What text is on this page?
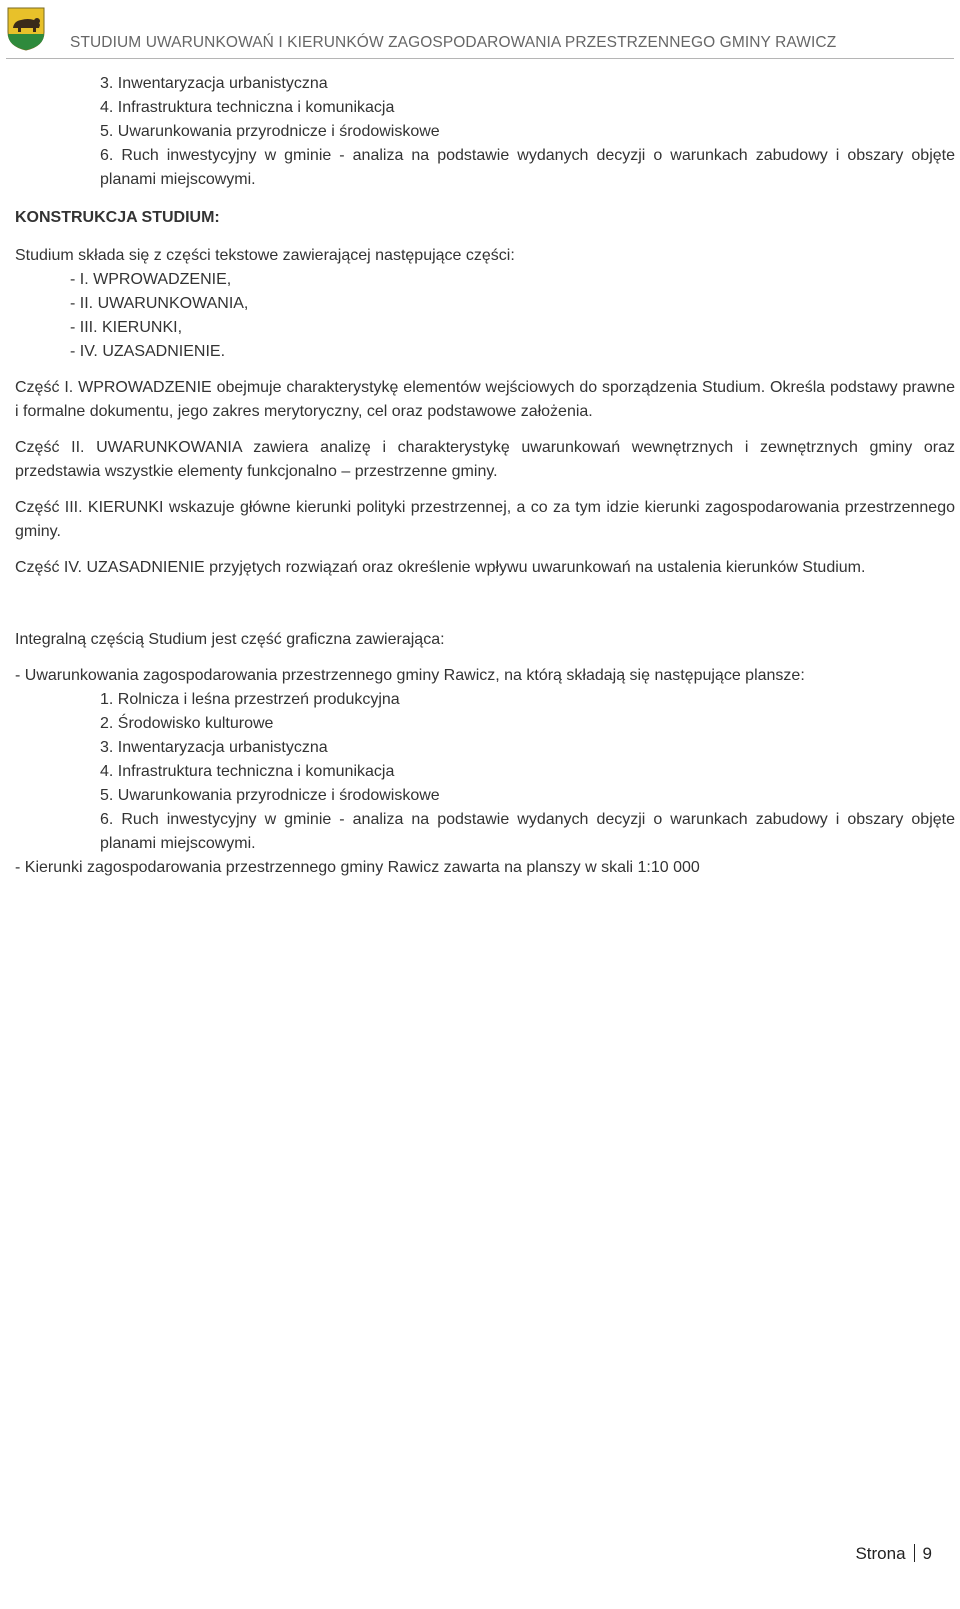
STUDIUM UWARUNKOWAŃ I KIERUNKÓW ZAGOSPODAROWANIA PRZESTRZENNEGO GMINY RAWICZ
3. Inwentaryzacja urbanistyczna
4. Infrastruktura techniczna i komunikacja
5. Uwarunkowania przyrodnicze i środowiskowe
6. Ruch inwestycyjny w gminie - analiza na podstawie wydanych decyzji o warunkach zabudowy i obszary objęte planami miejscowymi.
KONSTRUKCJA STUDIUM:

Studium składa się z części tekstowe zawierającej następujące części:

- I. WPROWADZENIE,
- II. UWARUNKOWANIA,
- III. KIERUNKI,
- IV. UZASADNIENIE.

Część I. WPROWADZENIE obejmuje charakterystykę elementów wejściowych do sporządzenia Studium. Określa podstawy prawne i formalne dokumentu, jego zakres merytoryczny, cel oraz podstawowe założenia.

Część II. UWARUNKOWANIA zawiera analizę i charakterystykę uwarunkowań wewnętrznych i zewnętrznych gminy oraz przedstawia wszystkie elementy funkcjonalno – przestrzenne gminy.

Część III. KIERUNKI wskazuje główne kierunki polityki przestrzennej, a co za tym idzie kierunki zagospodarowania przestrzennego gminy.

Część IV. UZASADNIENIE przyjętych rozwiązań oraz określenie wpływu uwarunkowań na ustalenia kierunków Studium.

Integralną częścią Studium jest część graficzna zawierająca:

- Uwarunkowania zagospodarowania przestrzennego gminy Rawicz, na którą składają się następujące plansze:

1. Rolnicza i leśna przestrzeń produkcyjna
2. Środowisko kulturowe
3. Inwentaryzacja urbanistyczna
4. Infrastruktura techniczna i komunikacja
5. Uwarunkowania przyrodnicze i środowiskowe
6. Ruch inwestycyjny w gminie - analiza na podstawie wydanych decyzji o warunkach zabudowy i obszary objęte planami miejscowymi.

- Kierunki zagospodarowania przestrzennego gminy Rawicz zawarta na planszy w skali 1:10 000

Strona 9
